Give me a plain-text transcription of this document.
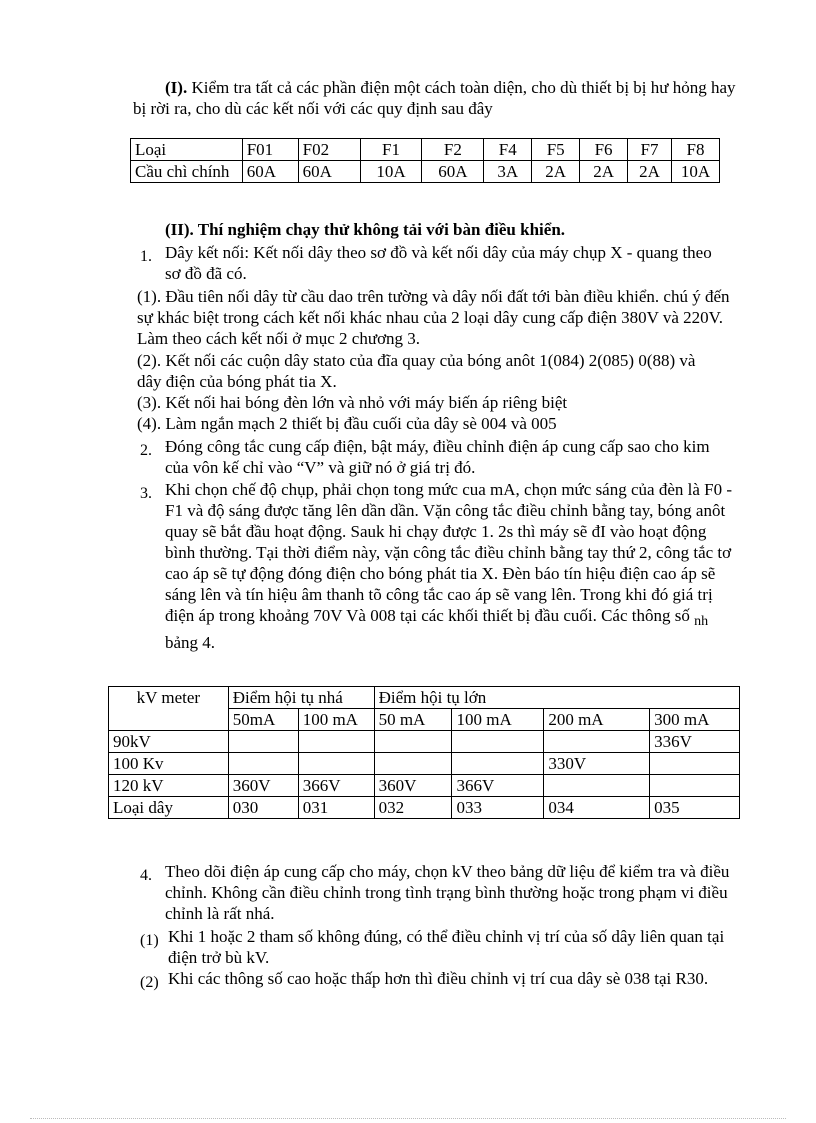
(I). Kiểm tra tất cả các phần điện một cách toàn diện, cho dù thiết bị bị hư hỏng hay bị rời ra, cho dù các kết nối với các quy định sau đây
Loại	F01	F02	F1	F2	F4	F5	F6	F7	F8
Cầu chì chính	60A	60A	10A	60A	3A	2A	2A	2A	10A
(II). Thí nghiệm chạy thử không tải với bàn điều khiển.
1. Dây kết nối: Kết nối dây theo sơ đồ và kết nối dây của máy chụp X - quang theo sơ đồ đã có.
(1). Đầu tiên nối dây từ cầu dao trên tường và dây nối đất tới bàn điều khiển. chú ý đến sự khác biệt trong cách kết nối khác nhau của 2 loại dây cung cấp điện 380V và 220V. Làm theo cách kết nối ở mục 2 chương 3.
(2). Kết nối các cuộn dây stato của đĩa quay của bóng anôt 1(084) 2(085) 0(88) và dây điện của bóng phát tia X.
(3). Kết nối hai bóng đèn lớn và nhỏ với máy biến áp riêng biệt
(4). Làm ngắn mạch 2 thiết bị đầu cuối của dây sè 004 và 005
2. Đóng công tắc cung cấp điện, bật máy, điều chỉnh điện áp cung cấp sao cho kim của vôn kế chỉ vào “V” và giữ nó ở giá trị đó.
3. Khi chọn chế độ chụp, phải chọn tong mức cua mA, chọn mức sáng của đèn là F0 - F1 và độ sáng được tăng lên dần dần. Vặn công tắc điều chỉnh bằng tay, bóng anôt quay sẽ bắt đầu hoạt động. Sauk hi chạy được 1. 2s thì máy sẽ đI vào hoạt động bình thường. Tại thời điểm này, vặn công tắc điều chỉnh bằng tay thứ 2, công tắc tơ cao áp sẽ tự động đóng điện cho bóng phát tia X. Đèn báo tín hiệu điện cao áp sẽ sáng lên và tín hiệu âm thanh tõ công tắc cao áp sẽ vang lên. Trong khi đó giá trị điện áp trong khoảng 70V Và 008 tại các khối thiết bị đầu cuối. Các thông số $_{nh}$ bảng 4.
kV meter	Điểm hội tụ nhá		Điểm hội tụ lớn			
	50mA	100 mA	50 mA	100 mA	200 mA	300 mA
90kV						336V
100 Kv					330V	
120 kV	360V	366V	360V	366V		
Loại dây	030	031	032	033	034	035
4. Theo dõi điện áp cung cấp cho máy, chọn kV theo bảng dữ liệu để kiểm tra và điều chỉnh. Không cần điều chỉnh trong tình trạng bình thường hoặc trong phạm vi điều chỉnh là rất nhá.
(1) Khi 1 hoặc 2 tham số không đúng, có thể điều chỉnh vị trí của số dây liên quan tại điện trở bù kV.
(2) Khi các thông số cao hoặc thấp hơn thì điều chỉnh vị trí cua dây sè 038 tại R30.
